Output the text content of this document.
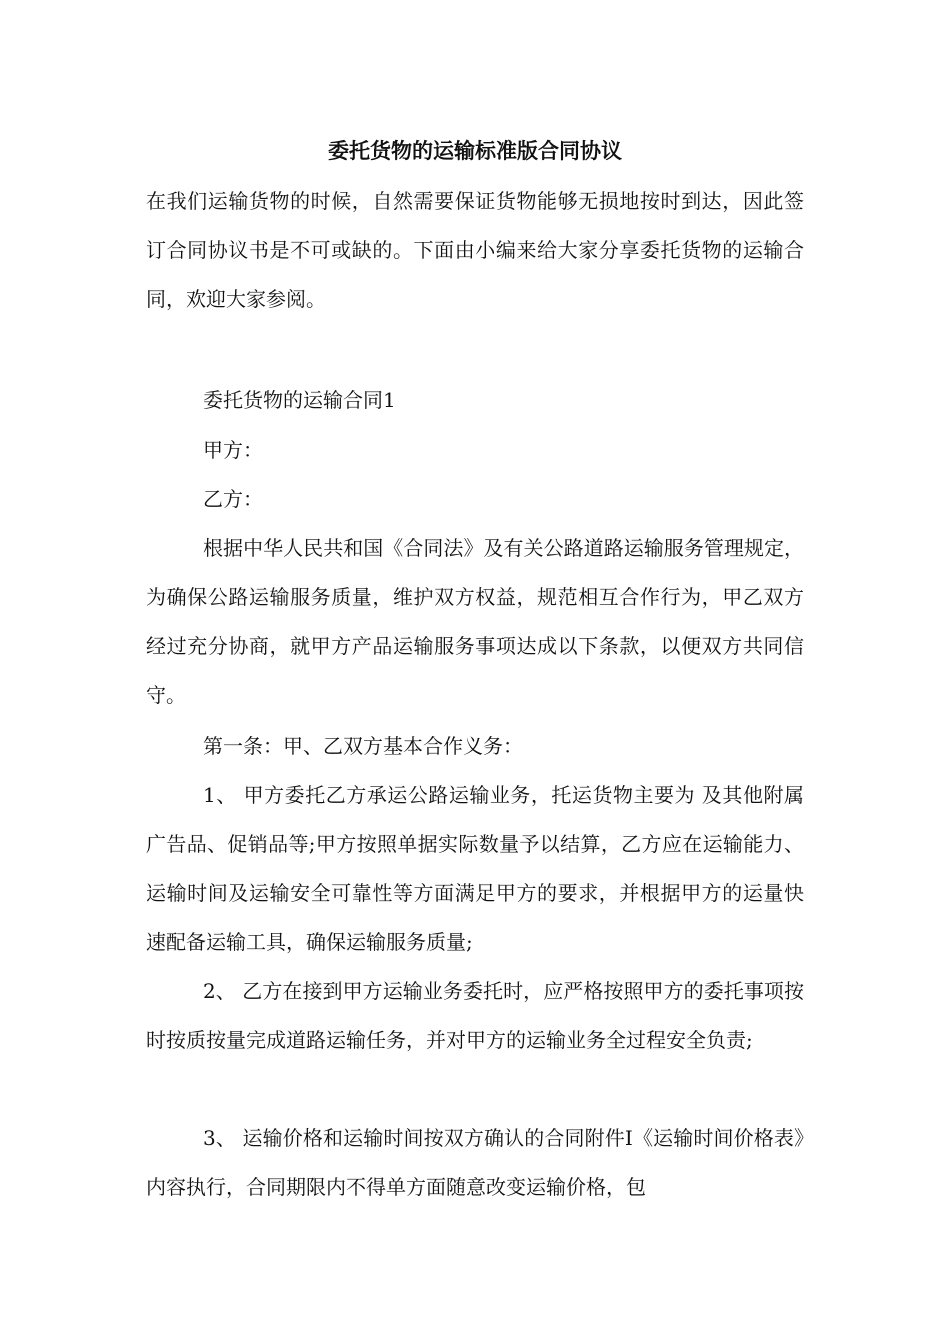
委托货物的运输标准版合同协议

在我们运输货物的时候，自然需要保证货物能够无损地按时到达，因此签订合同协议书是不可或缺的。下面由小编来给大家分享委托货物的运输合同，欢迎大家参阅。

委托货物的运输合同1
甲方：
乙方：

根据中华人民共和国《合同法》及有关公路道路运输服务管理规定，为确保公路运输服务质量，维护双方权益，规范相互合作行为，甲乙双方经过充分协商，就甲方产品运输服务事项达成以下条款，以便双方共同信守。

第一条：甲、乙双方基本合作义务：

1、 甲方委托乙方承运公路运输业务，托运货物主要为 及其他附属广告品、促销品等;甲方按照单据实际数量予以结算，乙方应在运输能力、运输时间及运输安全可靠性等方面满足甲方的要求，并根据甲方的运量快速配备运输工具，确保运输服务质量;

2、 乙方在接到甲方运输业务委托时，应严格按照甲方的委托事项按时按质按量完成道路运输任务，并对甲方的运输业务全过程安全负责;

3、 运输价格和运输时间按双方确认的合同附件I《运输时间价格表》内容执行，合同期限内不得单方面随意改变运输价格，包
